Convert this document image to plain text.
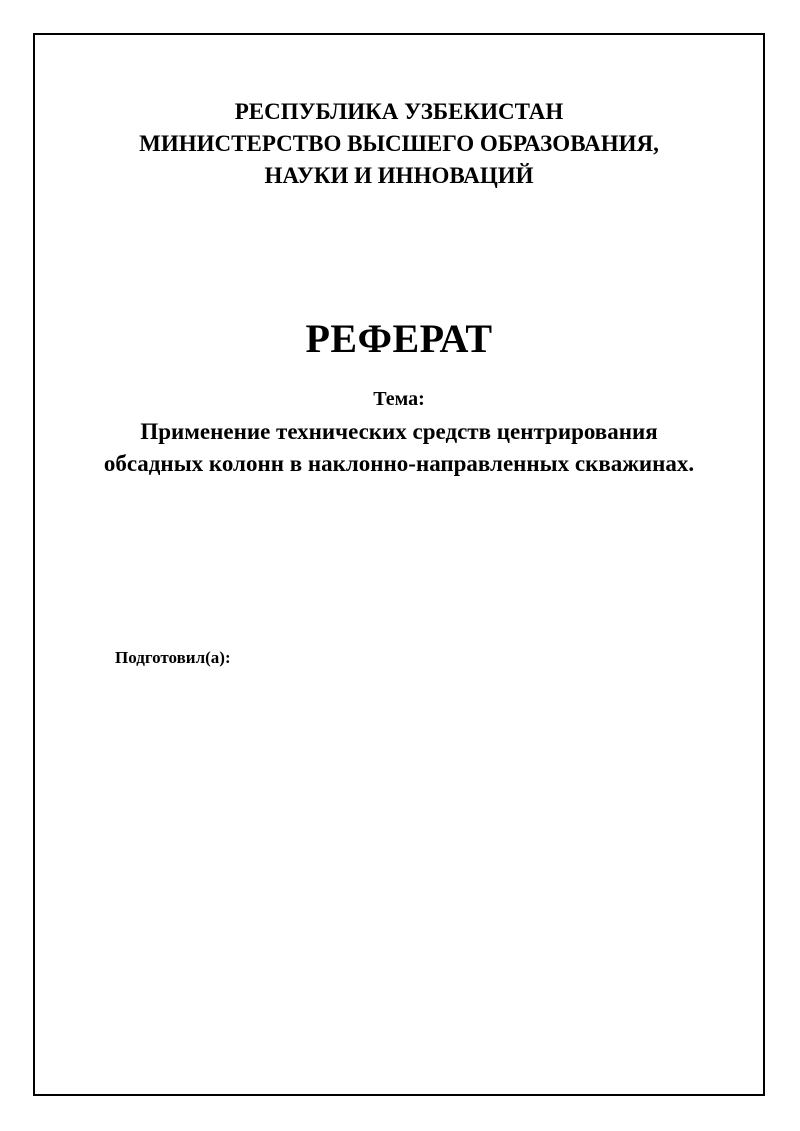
РЕСПУБЛИКА УЗБЕКИСТАН
МИНИСТЕРСТВО ВЫСШЕГО ОБРАЗОВАНИЯ,
НАУКИ И ИННОВАЦИЙ
РЕФЕРАТ
Тема:
Применение технических средств центрирования
обсадных колонн в наклонно-направленных скважинах.
Подготовил(а):
